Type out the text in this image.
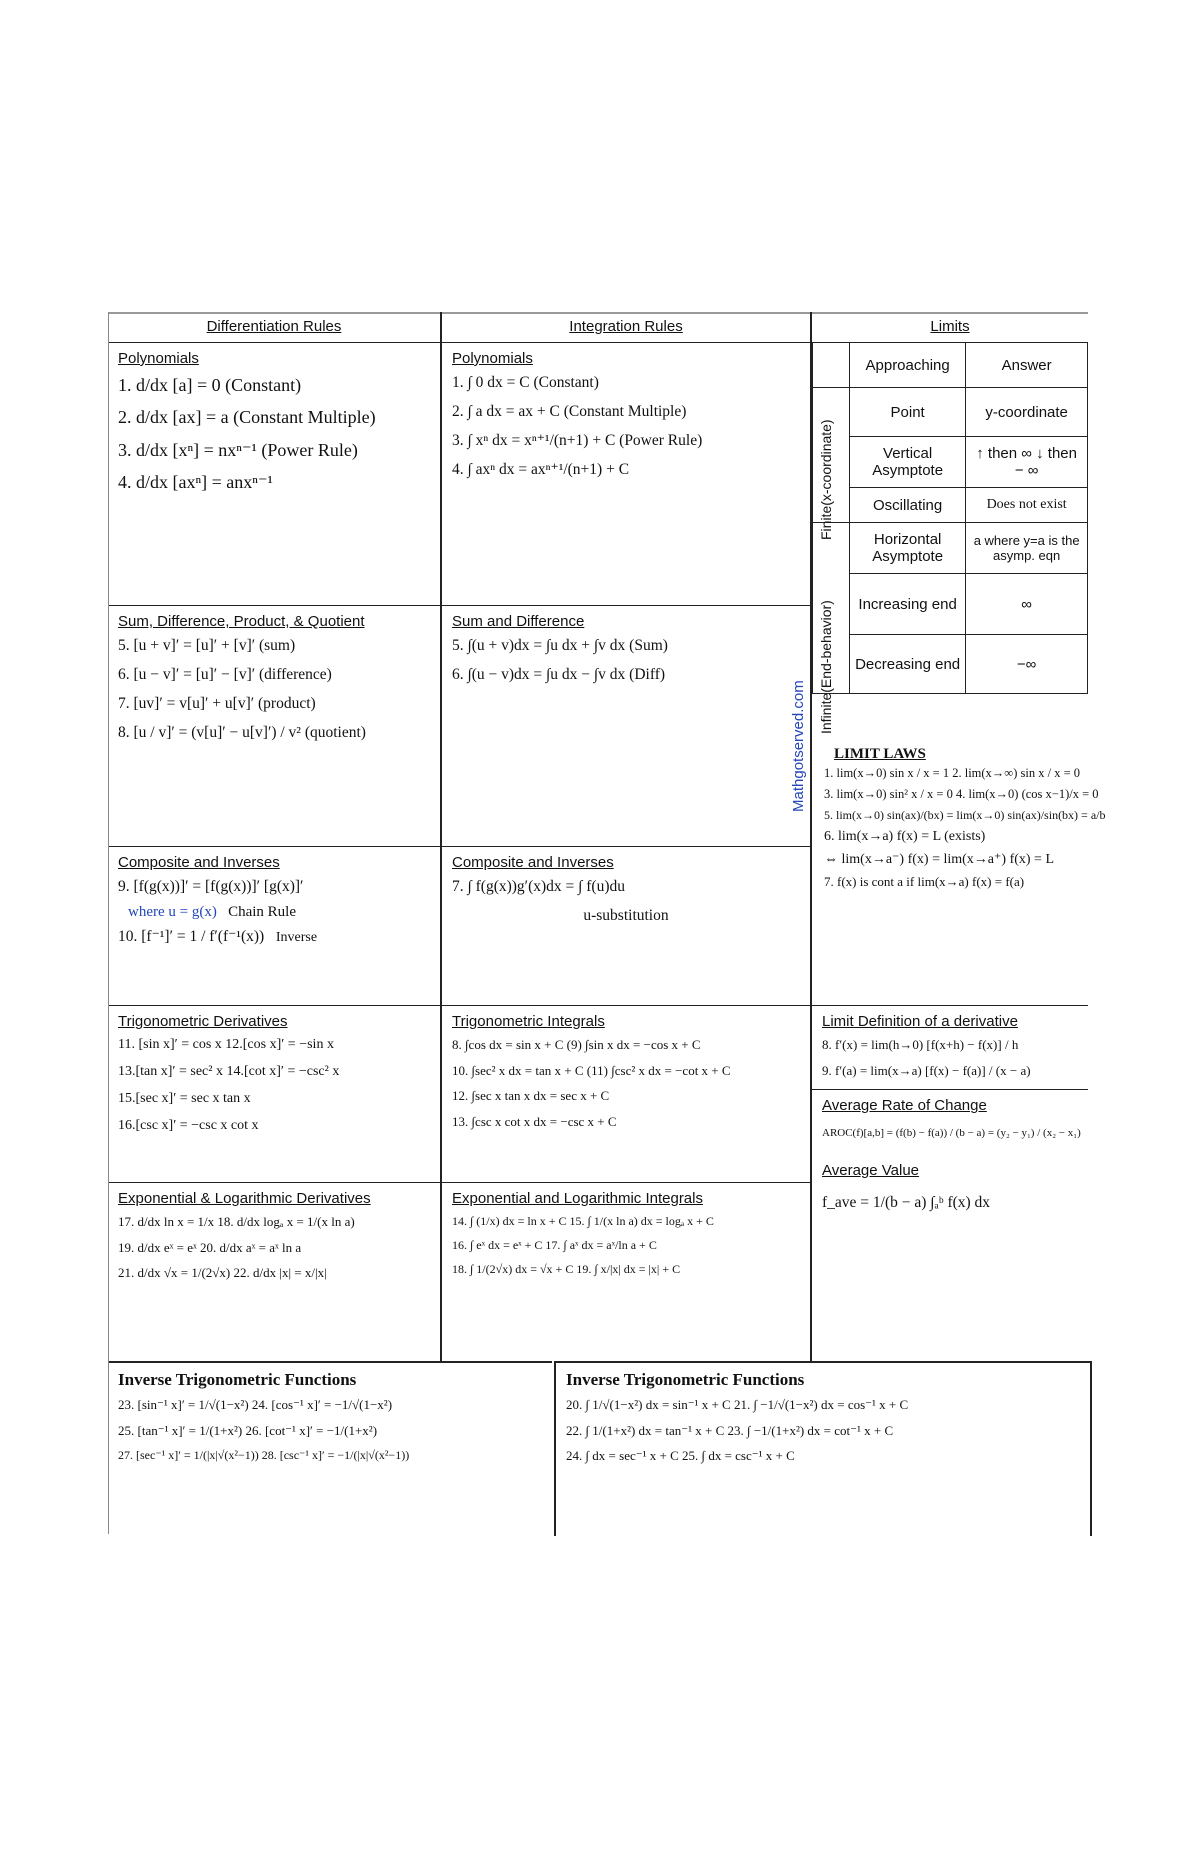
Differentiation Rules
Polynomials
1. d/dx [a] = 0 (Constant)
2. d/dx [ax] = a (Constant Multiple)
3. d/dx [xⁿ] = nxⁿ⁻¹ (Power Rule)
4. d/dx [axⁿ] = anxⁿ⁻¹
Sum, Difference, Product, & Quotient
5. [u + v]′ = [u]′ + [v]′ (sum)
6. [u − v]′ = [u]′ − [v]′ (difference)
7. [uv]′ = v[u]′ + u[v]′ (product)
8. [u / v]′ = (v[u]′ − u[v]′) / v² (quotient)
Composite and Inverses
9. [f(g(x))]′ = [f(g(x))]′ [g(x)]′
where u = g(x) Chain Rule
10. [f⁻¹]′ = 1 / f′(f⁻¹(x)) Inverse
Trigonometric Derivatives
11. [sin x]′ = cos x 12.[cos x]′ = −sin x
13.[tan x]′ = sec² x 14.[cot x]′ = −csc² x
15.[sec x]′ = sec x tan x
16.[csc x]′ = −csc x cot x
Exponential & Logarithmic Derivatives
17. d/dx ln x = 1/x 18. d/dx logₐ x = 1/(x ln a)
19. d/dx eˣ = eˣ 20. d/dx aˣ = aˣ ln a
21. d/dx √x = 1/(2√x) 22. d/dx |x| = x/|x|
Inverse Trigonometric Functions
23. [sin⁻¹ x]′ = 1/√(1−x²) 24. [cos⁻¹ x]′ = −1/√(1−x²)
25. [tan⁻¹ x]′ = 1/(1+x²) 26. [cot⁻¹ x]′ = −1/(1+x²)
27. [sec⁻¹ x]′ = 1/(|x|√(x²−1)) 28. [csc⁻¹ x]′ = −1/(|x|√(x²−1))
Integration Rules
Polynomials
1. ∫ 0 dx = C (Constant)
2. ∫ a dx = ax + C (Constant Multiple)
3. ∫ xⁿ dx = xⁿ⁺¹/(n+1) + C (Power Rule)
4. ∫ axⁿ dx = axⁿ⁺¹/(n+1) + C
Sum and Difference
5. ∫(u + v)dx = ∫u dx + ∫v dx (Sum)
6. ∫(u − v)dx = ∫u dx − ∫v dx (Diff)
Composite and Inverses
7. ∫ f(g(x))g′(x)dx = ∫ f(u)du
u-substitution
Trigonometric Integrals
8. ∫cos dx = sin x + C (9) ∫sin x dx = −cos x + C
10. ∫sec² x dx = tan x + C (11) ∫csc² x dx = −cot x + C
12. ∫sec x tan x dx = sec x + C
13. ∫csc x cot x dx = −csc x + C
Exponential and Logarithmic Integrals
14. ∫ (1/x) dx = ln x + C 15. ∫ 1/(x ln a) dx = logₐ x + C
16. ∫ eˣ dx = eˣ + C 17. ∫ aˣ dx = aˣ/ln a + C
18. ∫ 1/(2√x) dx = √x + C 19. ∫ x/|x| dx = |x| + C
Inverse Trigonometric Functions
20. ∫ 1/√(1−x²) dx = sin⁻¹ x + C 21. ∫ −1/√(1−x²) dx = cos⁻¹ x + C
22. ∫ 1/(1+x²) dx = tan⁻¹ x + C 23. ∫ −1/(1+x²) dx = cot⁻¹ x + C
24. ∫ dx = sec⁻¹ x + C 25. ∫ dx = csc⁻¹ x + C
Mathgotserved.com
Limits
	Approaching	Answer
	Point	y-coordinate
	Vertical Asymptote	↑ then ∞ ↓ then − ∞
	Oscillating	Does not exist
	Horizontal Asymptote	a where y=a is the asymp. eqn
	Increasing end	∞
	Decreasing end	−∞
Finite(x-coordinate)
Infinite(End-behavior)
LIMIT LAWS
1. lim(x→0) sin x / x = 1 2. lim(x→∞) sin x / x = 0
3. lim(x→0) sin² x / x = 0 4. lim(x→0) (cos x−1)/x = 0
5. lim(x→0) sin(ax)/(bx) = lim(x→0) sin(ax)/sin(bx) = a/b
6. lim(x→a) f(x) = L (exists)
⇔ lim(x→a⁻) f(x) = lim(x→a⁺) f(x) = L
7. f(x) is cont a if lim(x→a) f(x) = f(a)
Limit Definition of a derivative
8. f′(x) = lim(h→0) [f(x+h) − f(x)] / h
9. f′(a) = lim(x→a) [f(x) − f(a)] / (x − a)
Average Rate of Change
AROC(f)[a,b] = (f(b) − f(a)) / (b − a) = (y₂ − y₁) / (x₂ − x₁)
Average Value
f_ave = 1/(b − a) ∫ₐᵇ f(x) dx
